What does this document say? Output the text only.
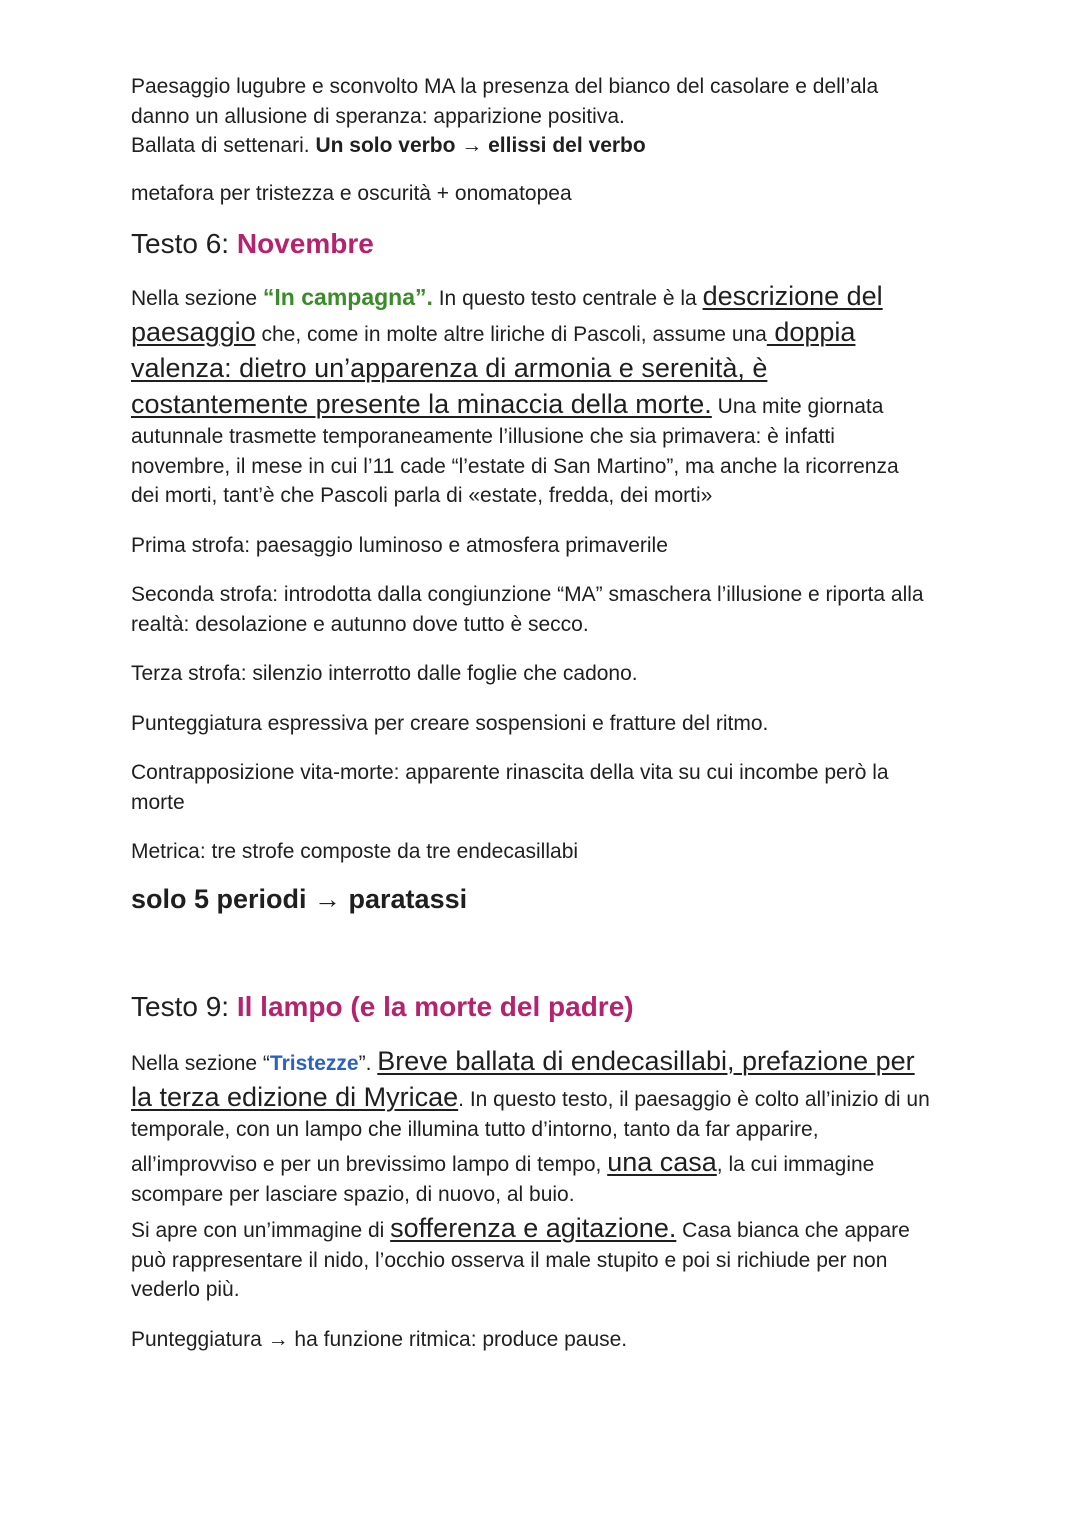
Paesaggio lugubre e sconvolto MA la presenza del bianco del casolare e dell’ala danno un allusione di speranza: apparizione positiva.
Ballata di settenari. Un solo verbo → ellissi del verbo

metafora per tristezza e oscurità + onomatopea

Testo 6: Novembre

Nella sezione “In campagna”. In questo testo centrale è la descrizione del paesaggio che, come in molte altre liriche di Pascoli, assume una doppia valenza: dietro un’apparenza di armonia e serenità, è costantemente presente la minaccia della morte. Una mite giornata autunnale trasmette temporaneamente l’illusione che sia primavera: è infatti novembre, il mese in cui l’11 cade “l’estate di San Martino”, ma anche la ricorrenza dei morti, tant’è che Pascoli parla di «estate, fredda, dei morti»

Prima strofa: paesaggio luminoso e atmosfera primaverile

Seconda strofa: introdotta dalla congiunzione “MA” smaschera l’illusione e riporta alla realtà: desolazione e autunno dove tutto è secco.

Terza strofa: silenzio interrotto dalle foglie che cadono.

Punteggiatura espressiva per creare sospensioni e fratture del ritmo.

Contrapposizione vita-morte: apparente rinascita della vita su cui incombe però la morte

Metrica: tre strofe composte da tre endecasillabi

solo 5 periodi → paratassi

Testo 9: Il lampo (e la morte del padre)

Nella sezione “Tristezze”. Breve ballata di endecasillabi, prefazione per la terza edizione di Myricae. In questo testo, il paesaggio è colto all’inizio di un temporale, con un lampo che illumina tutto d’intorno, tanto da far apparire, all’improvviso e per un brevissimo lampo di tempo, una casa, la cui immagine scompare per lasciare spazio, di nuovo, al buio.
Si apre con un’immagine di sofferenza e agitazione. Casa bianca che appare può rappresentare il nido, l’occhio osserva il male stupito e poi si richiude per non vederlo più.

Punteggiatura → ha funzione ritmica: produce pause.
